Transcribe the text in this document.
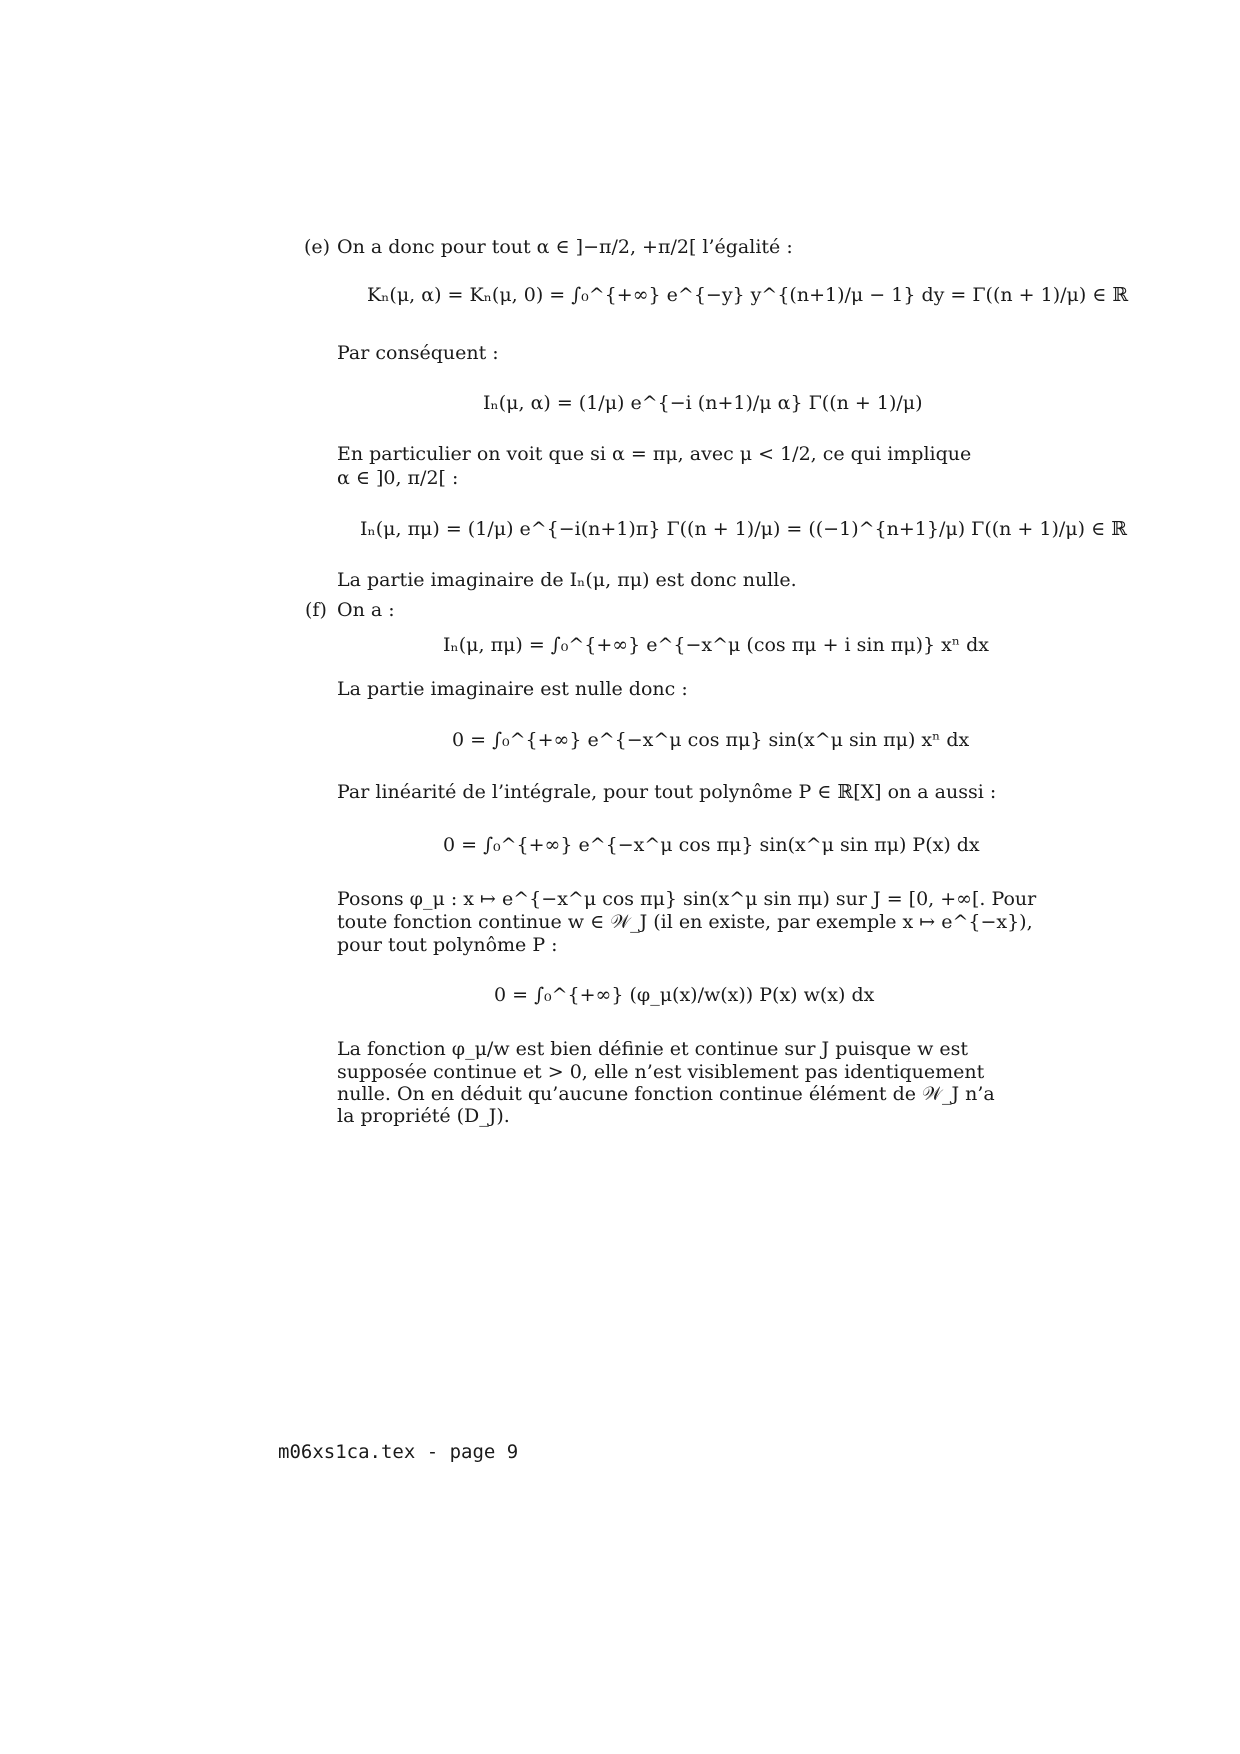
(e) On a donc pour tout α ∈ ]−π/2, +π/2[ l’égalité :
Kₙ(μ, α) = Kₙ(μ, 0) = ∫₀^{+∞} e^{−y} y^{(n+1)/μ − 1} dy = Γ((n + 1)/μ) ∈ ℝ
Par conséquent :
Iₙ(μ, α) = (1/μ) e^{−i (n+1)/μ α} Γ((n + 1)/μ)
En particulier on voit que si α = πμ, avec μ < 1/2, ce qui implique
α ∈ ]0, π/2[ :
Iₙ(μ, πμ) = (1/μ) e^{−i(n+1)π} Γ((n + 1)/μ) = ((−1)^{n+1}/μ) Γ((n + 1)/μ) ∈ ℝ
La partie imaginaire de Iₙ(μ, πμ) est donc nulle.
(f) On a :
Iₙ(μ, πμ) = ∫₀^{+∞} e^{−x^μ (cos πμ + i sin πμ)} xⁿ dx
La partie imaginaire est nulle donc :
0 = ∫₀^{+∞} e^{−x^μ cos πμ} sin(x^μ sin πμ) xⁿ dx
Par linéarité de l’intégrale, pour tout polynôme P ∈ ℝ[X] on a aussi :
0 = ∫₀^{+∞} e^{−x^μ cos πμ} sin(x^μ sin πμ) P(x) dx
Posons φ_μ : x ↦ e^{−x^μ cos πμ} sin(x^μ sin πμ) sur J = [0, +∞[. Pour
toute fonction continue w ∈ 𝒲_J (il en existe, par exemple x ↦ e^{−x}),
pour tout polynôme P :
0 = ∫₀^{+∞} (φ_μ(x)/w(x)) P(x) w(x) dx
La fonction φ_μ/w est bien définie et continue sur J puisque w est
supposée continue et > 0, elle n’est visiblement pas identiquement
nulle. On en déduit qu’aucune fonction continue élément de 𝒲_J n’a
la propriété (D_J).
m06xs1ca.tex - page 9
